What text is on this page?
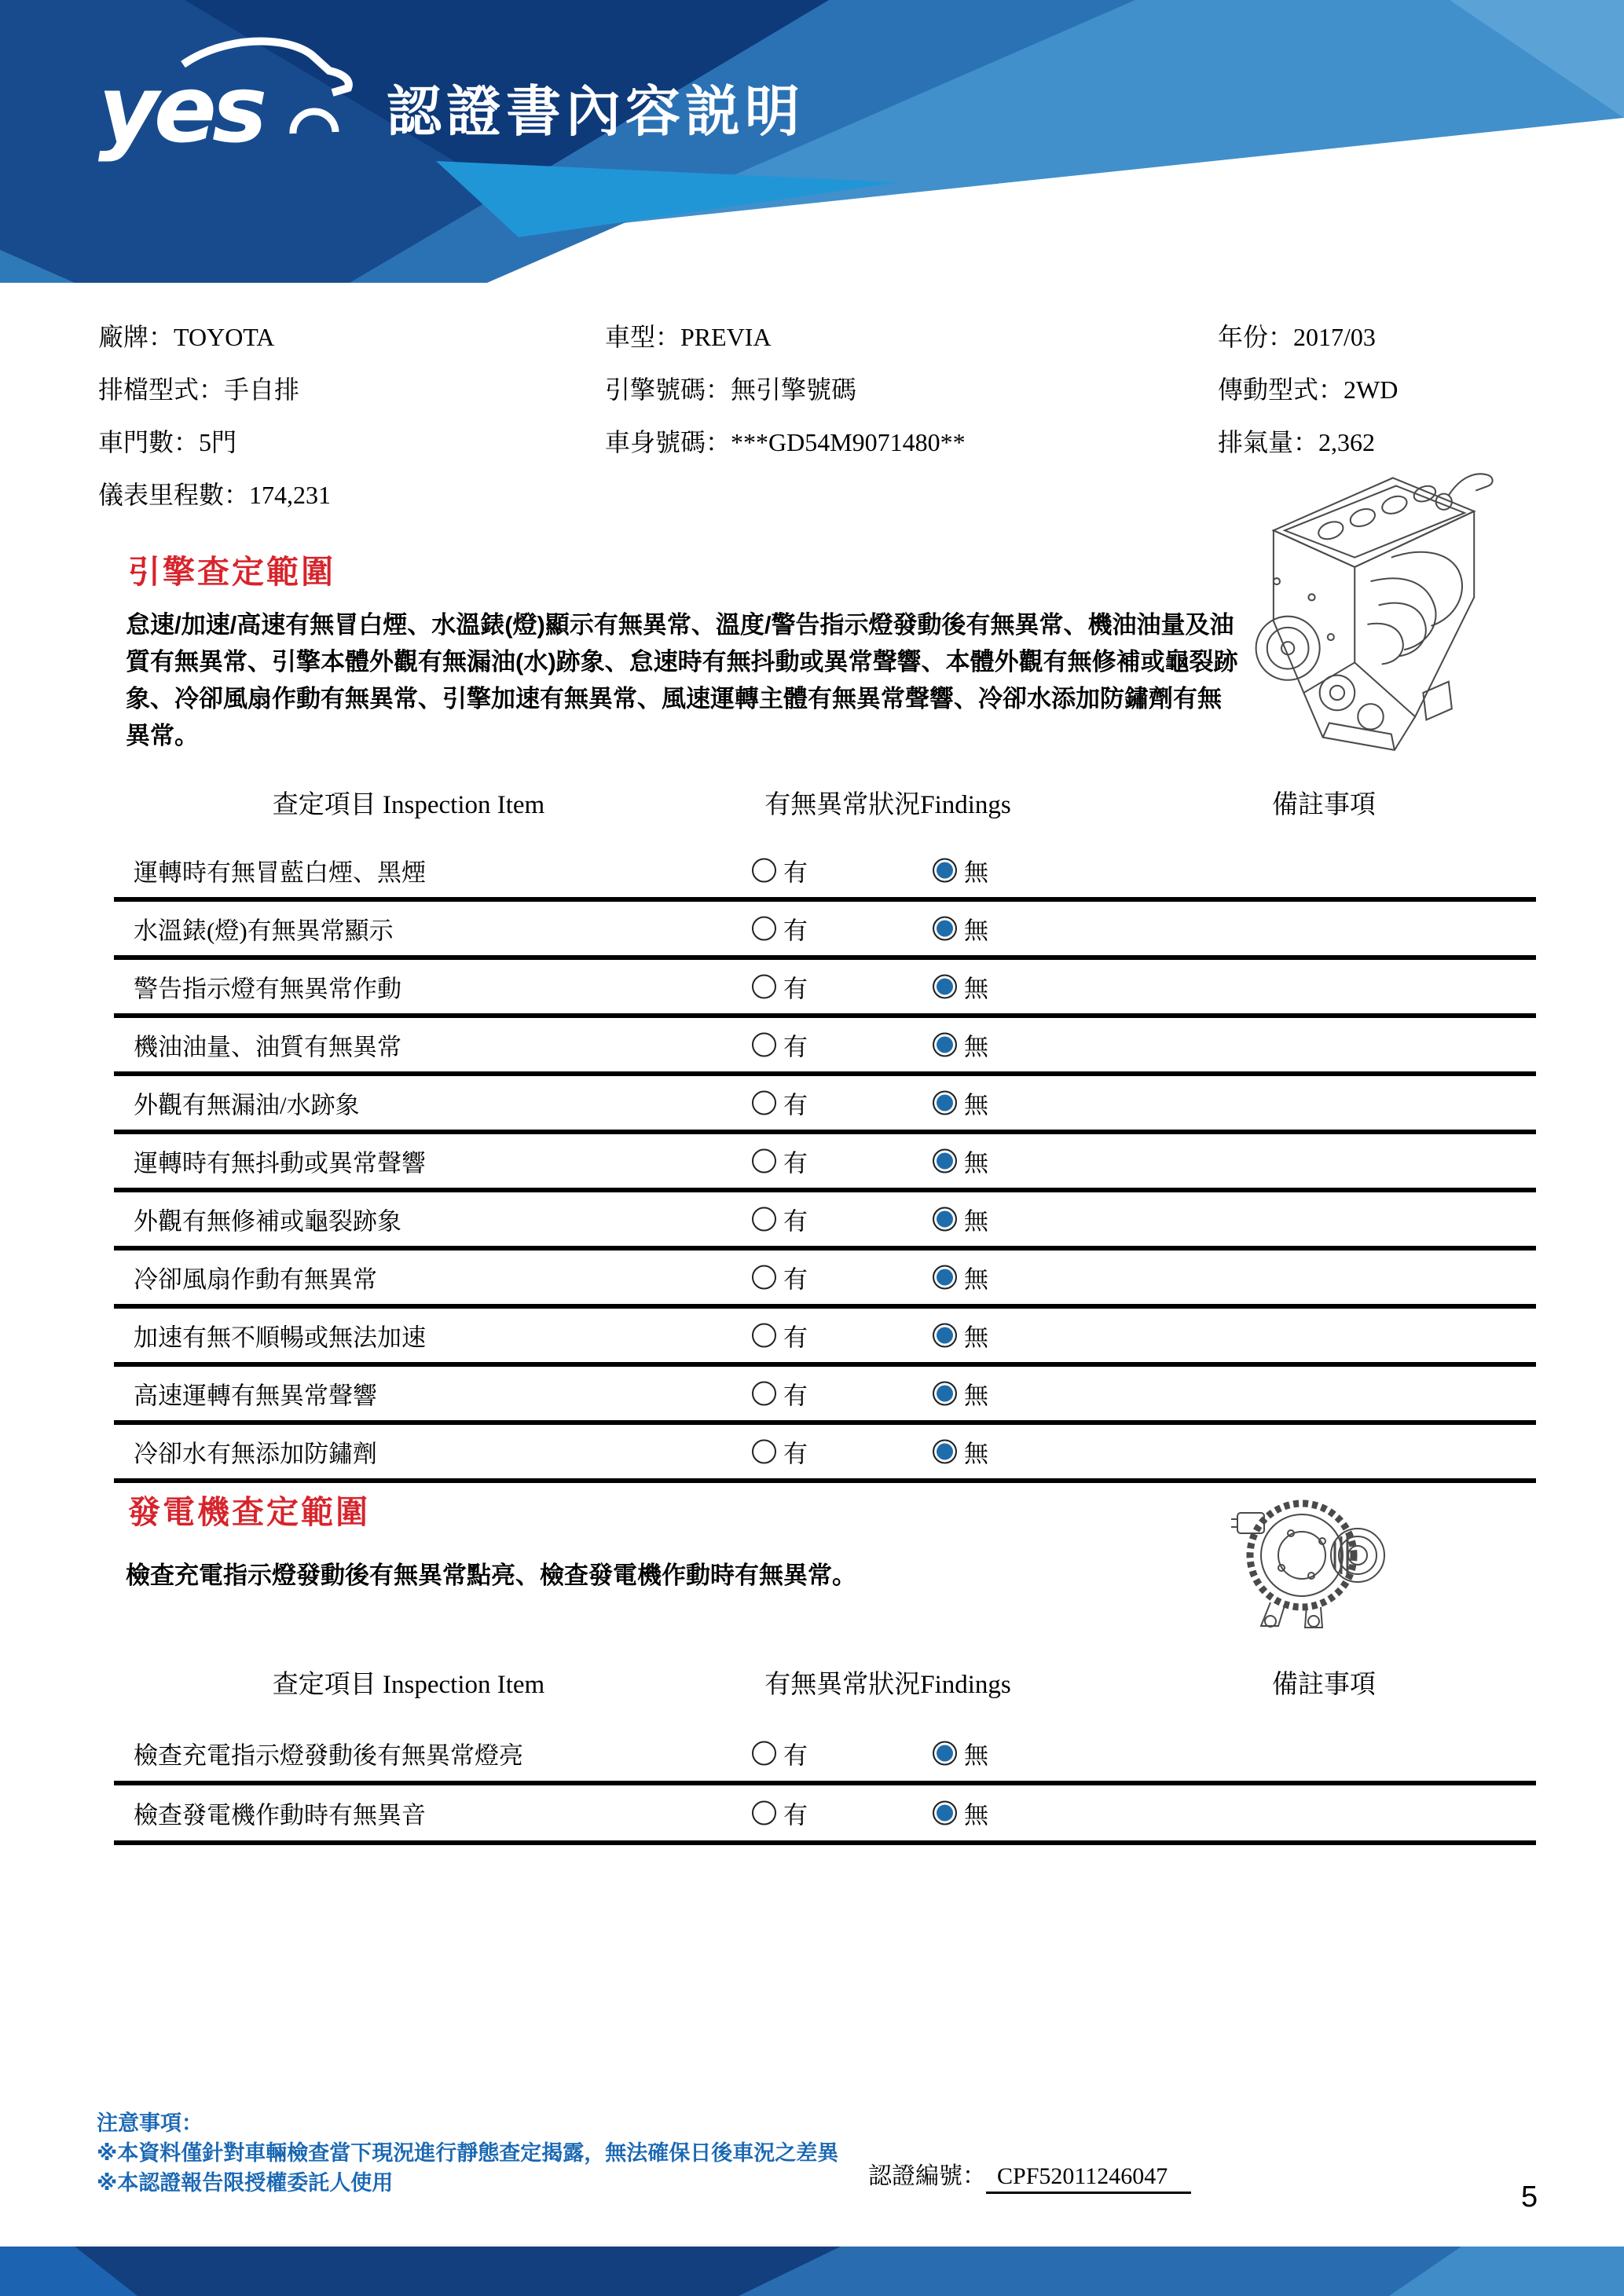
yes 認證書內容説明
廠牌：TOYOTA
排檔型式：手自排
車門數：5門
儀表里程數：174,231
車型：PREVIA
引擎號碼：無引擎號碼
車身號碼：***GD54M9071480**
年份：2017/03
傳動型式：2WD
排氣量：2,362
引擎查定範圍
怠速/加速/高速有無冒白煙、水溫錶(燈)顯示有無異常、溫度/警告指示燈發動後有無異常、機油油量及油質有無異常、引擎本體外觀有無漏油(水)跡象、怠速時有無抖動或異常聲響、本體外觀有無修補或龜裂跡象、冷卻風扇作動有無異常、引擎加速有無異常、風速運轉主體有無異常聲響、冷卻水添加防鏽劑有無異常。
查定項目 Inspection Item	有無異常狀況Findings	備註事項
運轉時有無冒藍白煙、黑煙	有	無
水溫錶(燈)有無異常顯示	有	無
警告指示燈有無異常作動	有	無
機油油量、油質有無異常	有	無
外觀有無漏油/水跡象	有	無
運轉時有無抖動或異常聲響	有	無
外觀有無修補或龜裂跡象	有	無
冷卻風扇作動有無異常	有	無
加速有無不順暢或無法加速	有	無
高速運轉有無異常聲響	有	無
冷卻水有無添加防鏽劑	有	無
發電機查定範圍
檢查充電指示燈發動後有無異常點亮、檢查發電機作動時有無異常。
查定項目 Inspection Item	有無異常狀況Findings	備註事項
檢查充電指示燈發動後有無異常燈亮	有	無
檢查發電機作動時有無異音	有	無
注意事項：
※本資料僅針對車輛檢查當下現況進行靜態查定揭露，無法確保日後車況之差異
※本認證報告限授權委託人使用	認證編號： CPF52011246047
5
